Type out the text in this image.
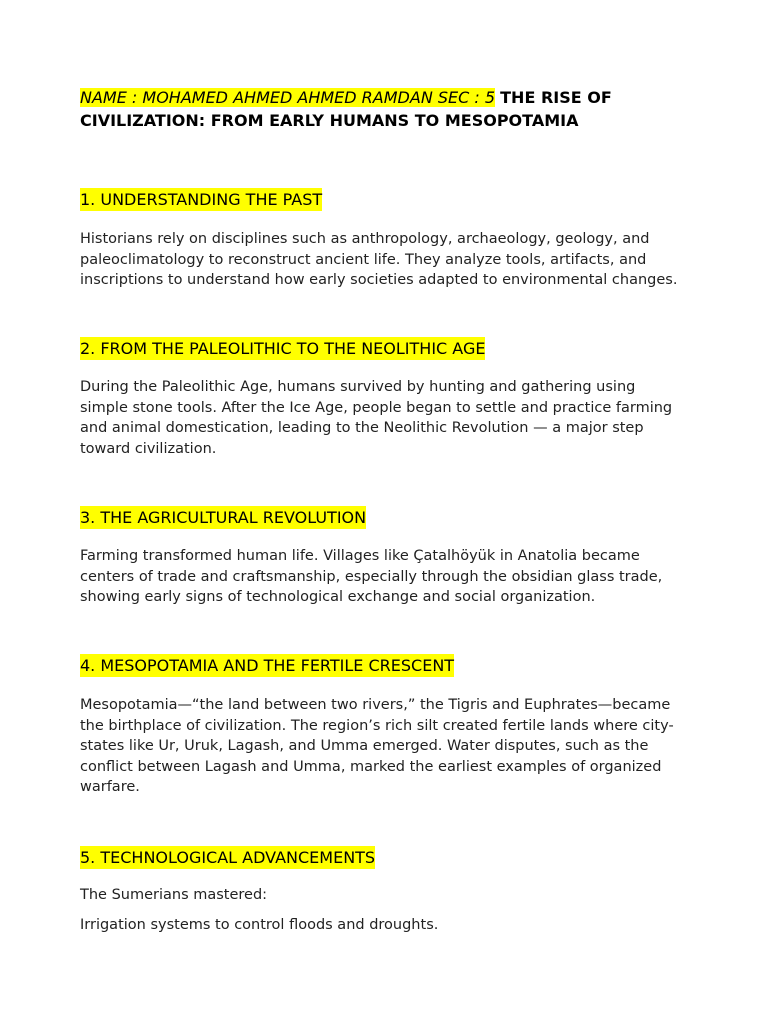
NAME : MOHAMED AHMED AHMED RAMDAN SEC : 5 THE RISE OF CIVILIZATION: FROM EARLY HUMANS TO MESOPOTAMIA

1. UNDERSTANDING THE PAST

Historians rely on disciplines such as anthropology, archaeology, geology, and paleoclimatology to reconstruct ancient life. They analyze tools, artifacts, and inscriptions to understand how early societies adapted to environmental changes.

2. FROM THE PALEOLITHIC TO THE NEOLITHIC AGE

During the Paleolithic Age, humans survived by hunting and gathering using simple stone tools. After the Ice Age, people began to settle and practice farming and animal domestication, leading to the Neolithic Revolution — a major step toward civilization.

3. THE AGRICULTURAL REVOLUTION

Farming transformed human life. Villages like Çatalhöyük in Anatolia became centers of trade and craftsmanship, especially through the obsidian glass trade, showing early signs of technological exchange and social organization.

4. MESOPOTAMIA AND THE FERTILE CRESCENT

Mesopotamia—“the land between two rivers,” the Tigris and Euphrates—became the birthplace of civilization. The region’s rich silt created fertile lands where city-states like Ur, Uruk, Lagash, and Umma emerged. Water disputes, such as the conflict between Lagash and Umma, marked the earliest examples of organized warfare.

5. TECHNOLOGICAL ADVANCEMENTS

The Sumerians mastered:

Irrigation systems to control floods and droughts.
